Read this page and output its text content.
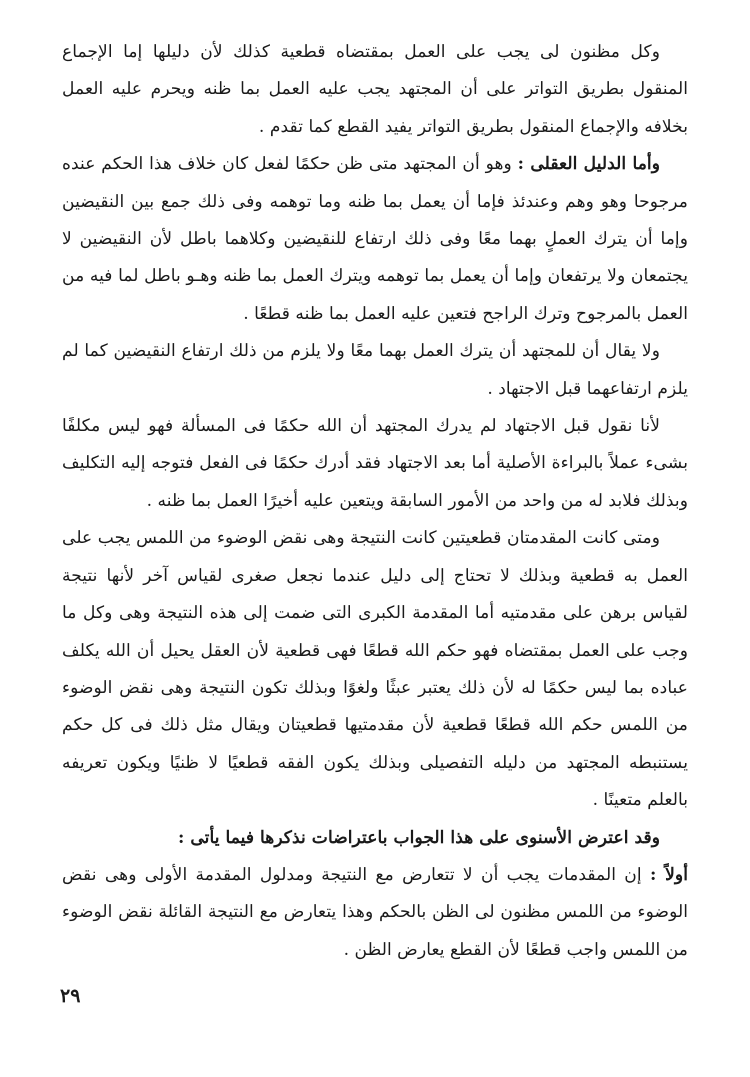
وكل مظنون لى يجب على العمل بمقتضاه قطعية كذلك لأن دليلها إما الإجماع المنقول بطريق التواتر على أن المجتهد يجب عليه العمل بما ظنه ويحرم عليه العمل بخلافه والإجماع المنقول بطريق التواتر يفيد القطع كما تقدم .

وأما الدليل العقلى : وهو أن المجتهد متى ظن حكمًا لفعل كان خلاف هذا الحكم عنده مرجوحا وهو وهم وعندئذ فإما أن يعمل بما ظنه وما توهمه وفى ذلك جمع بين النقيضين وإما أن يترك العملٍ بهما معًا وفى ذلك ارتفاع للنقيضين وكلاهما باطل لأن النقيضين لا يجتمعان ولا يرتفعان وإما أن يعمل بما توهمه ويترك العمل بما ظنه وهـو باطل لما فيه من العمل بالمرجوح وترك الراجح فتعين عليه العمل بما ظنه قطعًا .

ولا يقال أن للمجتهد أن يترك العمل بهما معًا ولا يلزم من ذلك ارتفاع النقيضين كما لم يلزم ارتفاعهما قبل الاجتهاد .

لأنا نقول قبل الاجتهاد لم يدرك المجتهد أن الله حكمًا فى المسألة فهو ليس مكلفًا بشىء عملاً بالبراءة الأصلية أما بعد الاجتهاد فقد أدرك حكمًا فى الفعل فتوجه إليه التكليف وبذلك فلابد له من واحد من الأمور السابقة ويتعين عليه أخيرًا العمل بما ظنه .

ومتى كانت المقدمتان قطعيتين كانت النتيجة وهى نقض الوضوء من اللمس يجب على العمل به قطعية وبذلك لا تحتاج إلى دليل عندما نجعل صغرى لقياس آخر لأنها نتيجة لقياس برهن على مقدمتيه أما المقدمة الكبرى التى ضمت إلى هذه النتيجة وهى وكل ما وجب على العمل بمقتضاه فهو حكم الله قطعًا فهى قطعية لأن العقل يحيل أن الله يكلف عباده بما ليس حكمًا له لأن ذلك يعتبر عبثًا ولغوًا وبذلك تكون النتيجة وهى نقض الوضوء من اللمس حكم الله قطعًا قطعية لأن مقدمتيها قطعيتان ويقال مثل ذلك فى كل حكم يستنبطه المجتهد من دليله التفصيلى وبذلك يكون الفقه قطعيًا لا ظنيًا ويكون تعريفه بالعلم متعينًا .

وقد اعترض الأسنوى على هذا الجواب باعتراضات نذكرها فيما يأتى :

أولاً : إن المقدمات يجب أن لا تتعارض مع النتيجة ومدلول المقدمة الأولى وهى نقض الوضوء من اللمس مظنون لى الظن بالحكم وهذا يتعارض مع النتيجة القائلة نقض الوضوء من اللمس واجب قطعًا لأن القطع يعارض الظن .

٢٩
